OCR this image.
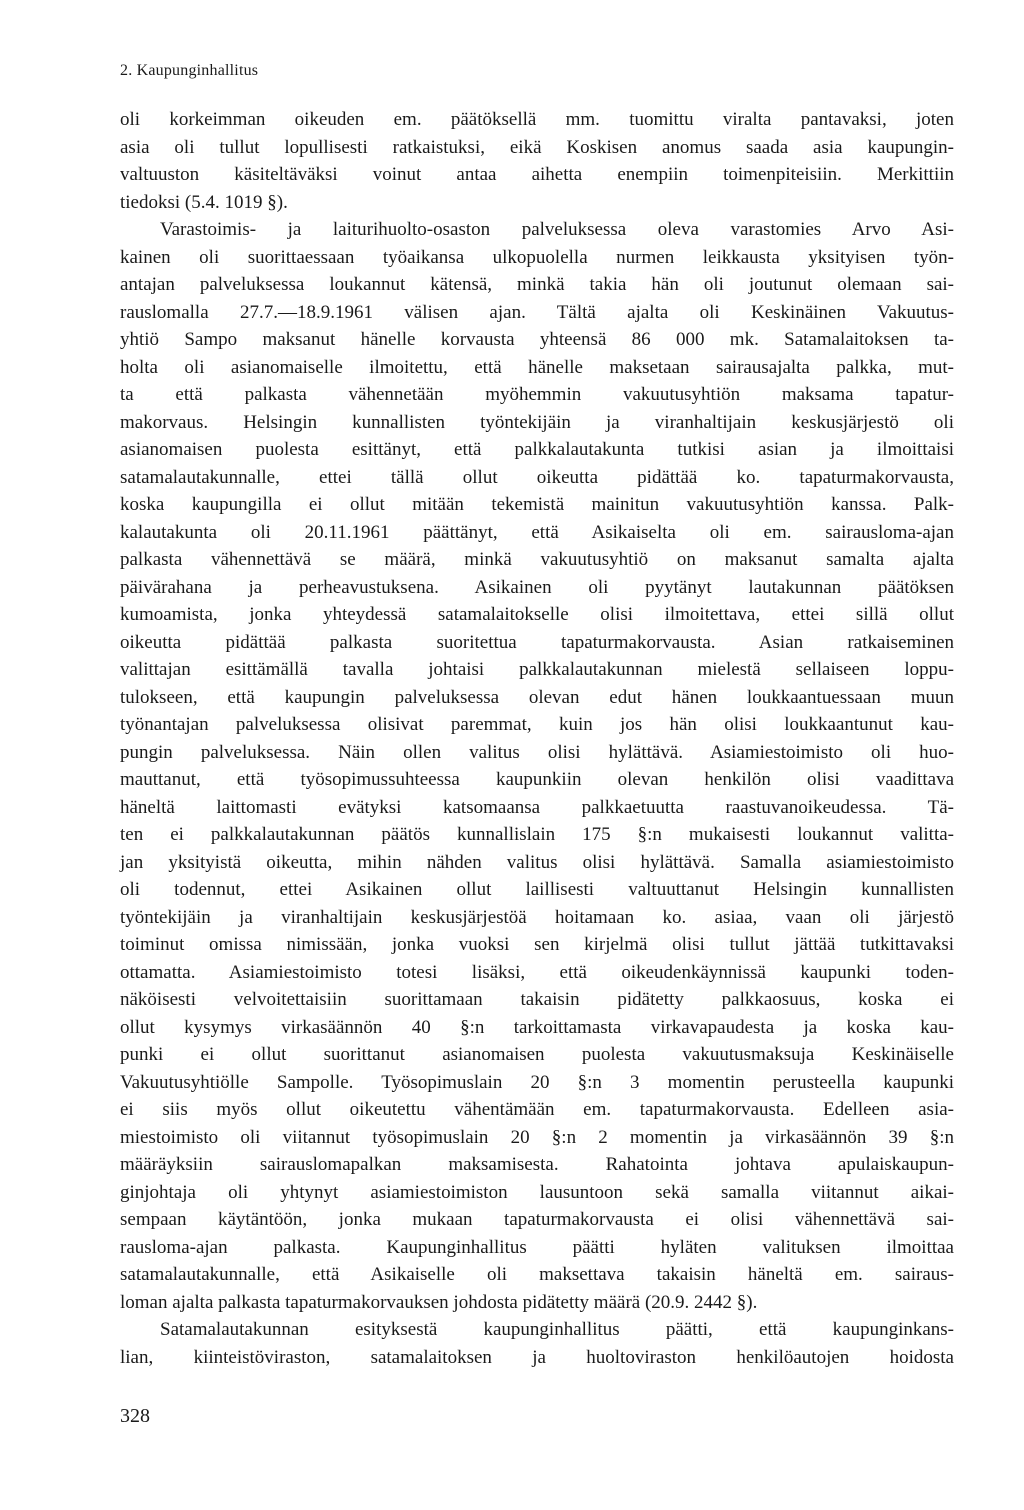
2. Kaupunginhallitus
oli korkeimman oikeuden em. päätöksellä mm. tuomittu viralta pantavaksi, joten
asia oli tullut lopullisesti ratkaistuksi, eikä Koskisen anomus saada asia kaupungin-
valtuuston käsiteltäväksi voinut antaa aihetta enempiin toimenpiteisiin. Merkittiin
tiedoksi (5.4. 1019 §).
Varastoimis- ja laiturihuolto-osaston palveluksessa oleva varastomies Arvo Asi-
kainen oli suorittaessaan työaikansa ulkopuolella nurmen leikkausta yksityisen työn-
antajan palveluksessa loukannut kätensä, minkä takia hän oli joutunut olemaan sai-
rauslomalla 27.7.—18.9.1961 välisen ajan. Tältä ajalta oli Keskinäinen Vakuutus-
yhtiö Sampo maksanut hänelle korvausta yhteensä 86 000 mk. Satamalaitoksen ta-
holta oli asianomaiselle ilmoitettu, että hänelle maksetaan sairausajalta palkka, mut-
ta että palkasta vähennetään myöhemmin vakuutusyhtiön maksama tapatur-
makorvaus. Helsingin kunnallisten työntekijäin ja viranhaltijain keskusjärjestö oli
asianomaisen puolesta esittänyt, että palkkalautakunta tutkisi asian ja ilmoittaisi
satamalautakunnalle, ettei tällä ollut oikeutta pidättää ko. tapaturmakorvausta,
koska kaupungilla ei ollut mitään tekemistä mainitun vakuutusyhtiön kanssa. Palk-
kalautakunta oli 20.11.1961 päättänyt, että Asikaiselta oli em. sairausloma-ajan
palkasta vähennettävä se määrä, minkä vakuutusyhtiö on maksanut samalta ajalta
päivärahana ja perheavustuksena. Asikainen oli pyytänyt lautakunnan päätöksen
kumoamista, jonka yhteydessä satamalaitokselle olisi ilmoitettava, ettei sillä ollut
oikeutta pidättää palkasta suoritettua tapaturmakorvausta. Asian ratkaiseminen
valittajan esittämällä tavalla johtaisi palkkalautakunnan mielestä sellaiseen loppu-
tulokseen, että kaupungin palveluksessa olevan edut hänen loukkaantuessaan muun
työnantajan palveluksessa olisivat paremmat, kuin jos hän olisi loukkaantunut kau-
pungin palveluksessa. Näin ollen valitus olisi hylättävä. Asiamiestoimisto oli huo-
mauttanut, että työsopimussuhteessa kaupunkiin olevan henkilön olisi vaadittava
häneltä laittomasti evätyksi katsomaansa palkkaetuutta raastuvanoikeudessa. Tä-
ten ei palkkalautakunnan päätös kunnallislain 175 §:n mukaisesti loukannut valitta-
jan yksityistä oikeutta, mihin nähden valitus olisi hylättävä. Samalla asiamiestoimisto
oli todennut, ettei Asikainen ollut laillisesti valtuuttanut Helsingin kunnallisten
työntekijäin ja viranhaltijain keskusjärjestöä hoitamaan ko. asiaa, vaan oli järjestö
toiminut omissa nimissään, jonka vuoksi sen kirjelmä olisi tullut jättää tutkittavaksi
ottamatta. Asiamiestoimisto totesi lisäksi, että oikeudenkäynnissä kaupunki toden-
näköisesti velvoitettaisiin suorittamaan takaisin pidätetty palkkaosuus, koska ei
ollut kysymys virkasäännön 40 §:n tarkoittamasta virkavapaudesta ja koska kau-
punki ei ollut suorittanut asianomaisen puolesta vakuutusmaksuja Keskinäiselle
Vakuutusyhtiölle Sampolle. Työsopimuslain 20 §:n 3 momentin perusteella kaupunki
ei siis myös ollut oikeutettu vähentämään em. tapaturmakorvausta. Edelleen asia-
miestoimisto oli viitannut työsopimuslain 20 §:n 2 momentin ja virkasäännön 39 §:n
määräyksiin sairauslomapalkan maksamisesta. Rahatointa johtava apulaiskaupun-
ginjohtaja oli yhtynyt asiamiestoimiston lausuntoon sekä samalla viitannut aikai-
sempaan käytäntöön, jonka mukaan tapaturmakorvausta ei olisi vähennettävä sai-
rausloma-ajan palkasta. Kaupunginhallitus päätti hyläten valituksen ilmoittaa
satamalautakunnalle, että Asikaiselle oli maksettava takaisin häneltä em. sairaus-
loman ajalta palkasta tapaturmakorvauksen johdosta pidätetty määrä (20.9. 2442 §).
Satamalautakunnan esityksestä kaupunginhallitus päätti, että kaupunginkans-
lian, kiinteistöviraston, satamalaitoksen ja huoltoviraston henkilöautojen hoidosta
328
